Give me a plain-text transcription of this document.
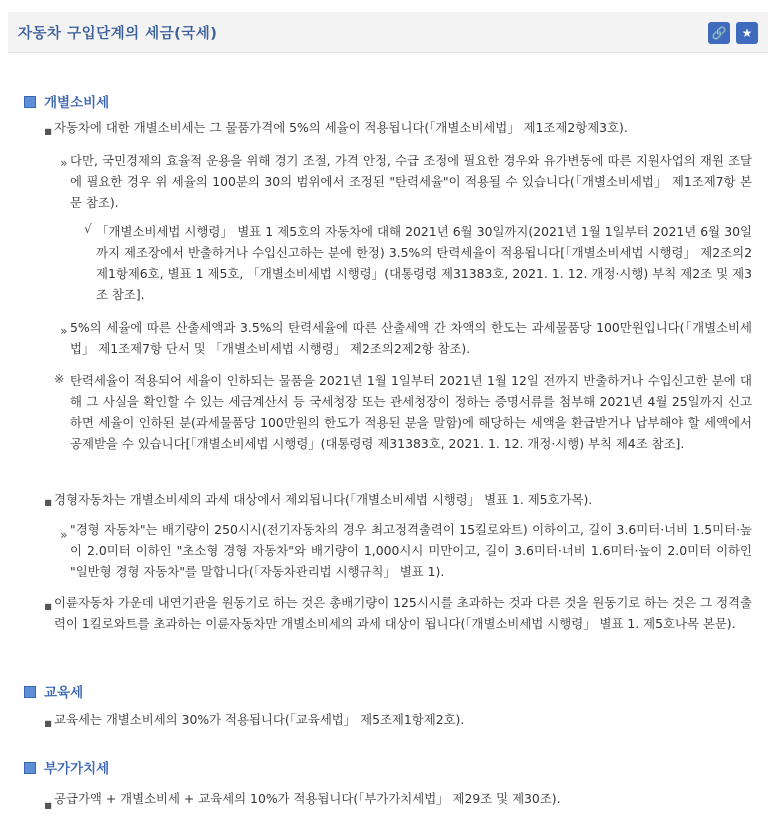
자동차 구입단계의 세금(국세)	🔗	★
개별소비세
▪ 자동차에 대한 개별소비세는 그 물품가격에 5%의 세율이 적용됩니다(「개별소비세법」 제1조제2항제3호).
» 다만, 국민경제의 효율적 운용을 위해 경기 조절, 가격 안정, 수급 조정에 필요한 경우와 유가변동에 따른 지원사업의 재원 조달에 필요한 경우 위 세율의 100분의 30의 범위에서 조정된 "탄력세율"이 적용될 수 있습니다(「개별소비세법」 제1조제7항 본문 참조).
√ 「개별소비세법 시행령」 별표 1 제5호의 자동차에 대해 2021년 6월 30일까지(2021년 1월 1일부터 2021년 6월 30일까지 제조장에서 반출하거나 수입신고하는 분에 한정) 3.5%의 탄력세율이 적용됩니다[「개별소비세법 시행령」 제2조의2제1항제6호, 별표 1 제5호, 「개별소비세법 시행령」(대통령령 제31383호, 2021. 1. 12. 개정·시행) 부칙 제2조 및 제3조 참조].
» 5%의 세율에 따른 산출세액과 3.5%의 탄력세율에 따른 산출세액 간 차액의 한도는 과세물품당 100만원입니다(「개별소비세법」 제1조제7항 단서 및 「개별소비세법 시행령」 제2조의2제2항 참조).
※ 탄력세율이 적용되어 세율이 인하되는 물품을 2021년 1월 1일부터 2021년 1월 12일 전까지 반출하거나 수입신고한 분에 대해 그 사실을 확인할 수 있는 세금계산서 등 국세청장 또는 관세청장이 정하는 증명서류를 첨부해 2021년 4월 25일까지 신고하면 세율이 인하된 분(과세물품당 100만원의 한도가 적용된 분을 말함)에 해당하는 세액을 환급받거나 납부해야 할 세액에서 공제받을 수 있습니다[「개별소비세법 시행령」(대통령령 제31383호, 2021. 1. 12. 개정·시행) 부칙 제4조 참조].
▪ 경형자동차는 개별소비세의 과세 대상에서 제외됩니다(「개별소비세법 시행령」 별표 1. 제5호가목).
» "경형 자동차"는 배기량이 250시시(전기자동차의 경우 최고정격출력이 15킬로와트) 이하이고, 길이 3.6미터·너비 1.5미터·높이 2.0미터 이하인 "초소형 경형 자동차"와 배기량이 1,000시시 미만이고, 길이 3.6미터·너비 1.6미터·높이 2.0미터 이하인 "일반형 경형 자동차"를 말합니다(「자동차관리법 시행규칙」 별표 1).
▪ 이륜자동차 가운데 내연기관을 원동기로 하는 것은 총배기량이 125시시를 초과하는 것과 다른 것을 원동기로 하는 것은 그 정격출력이 1킬로와트를 초과하는 이륜자동차만 개별소비세의 과세 대상이 됩니다(「개별소비세법 시행령」 별표 1. 제5호나목 본문).
교육세
▪ 교육세는 개별소비세의 30%가 적용됩니다(「교육세법」 제5조제1항제2호).
부가가치세
▪ 공급가액 + 개별소비세 + 교육세의 10%가 적용됩니다(「부가가치세법」 제29조 및 제30조).
